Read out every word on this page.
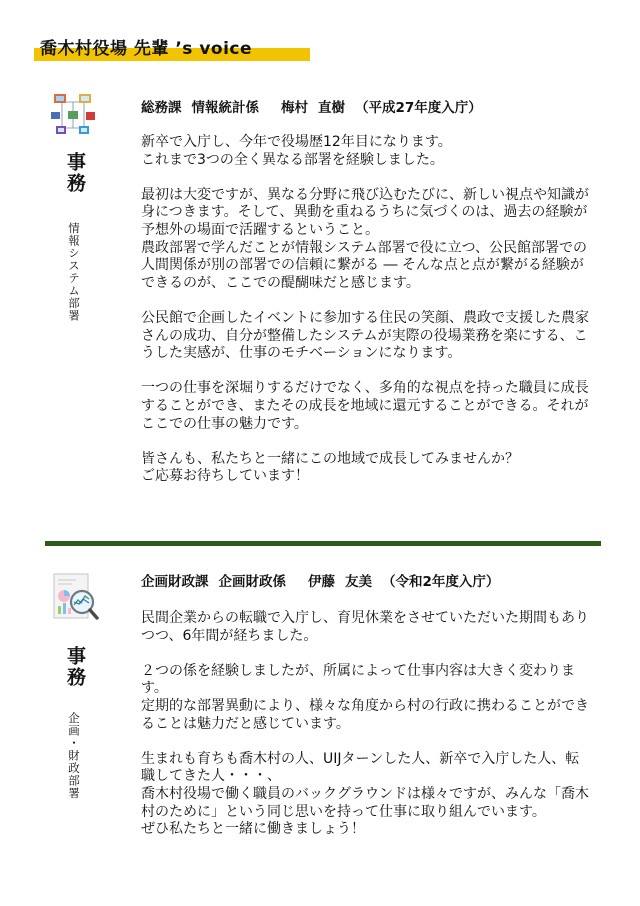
喬木村役場 先輩 ’s voice
事務
情報システム部署
総務課 情報統計係 梅村 直樹 （平成27年度入庁）

新卒で入庁し、今年で役場歴12年目になります。
これまで3つの全く異なる部署を経験しました。

最初は大変ですが、異なる分野に飛び込むたびに、新しい視点や知識が身につきます。そして、異動を重ねるうちに気づくのは、過去の経験が予想外の場面で活躍するということ。
農政部署で学んだことが情報システム部署で役に立つ、公民館部署での人間関係が別の部署での信頼に繋がる ― そんな点と点が繋がる経験ができるのが、ここでの醍醐味だと感じます。

公民館で企画したイベントに参加する住民の笑顔、農政で支援した農家さんの成功、自分が整備したシステムが実際の役場業務を楽にする、こうした実感が、仕事のモチベーションになります。

一つの仕事を深堀りするだけでなく、多角的な視点を持った職員に成長することができ、またその成長を地域に還元することができる。それがここでの仕事の魅力です。

皆さんも、私たちと一緒にこの地域で成長してみませんか？
ご応募お待ちしています！

事務
企画・財政部署
企画財政課 企画財政係 伊藤 友美 （令和2年度入庁）

民間企業からの転職で入庁し、育児休業をさせていただいた期間もありつつ、6年間が経ちました。

２つの係を経験しましたが、所属によって仕事内容は大きく変わります。
定期的な部署異動により、様々な角度から村の行政に携わることができることは魅力だと感じています。

生まれも育ちも喬木村の人、UIJターンした人、新卒で入庁した人、転職してきた人・・・、
喬木村役場で働く職員のバックグラウンドは様々ですが、みんな「喬木村のために」という同じ思いを持って仕事に取り組んでいます。
ぜひ私たちと一緒に働きましょう！
